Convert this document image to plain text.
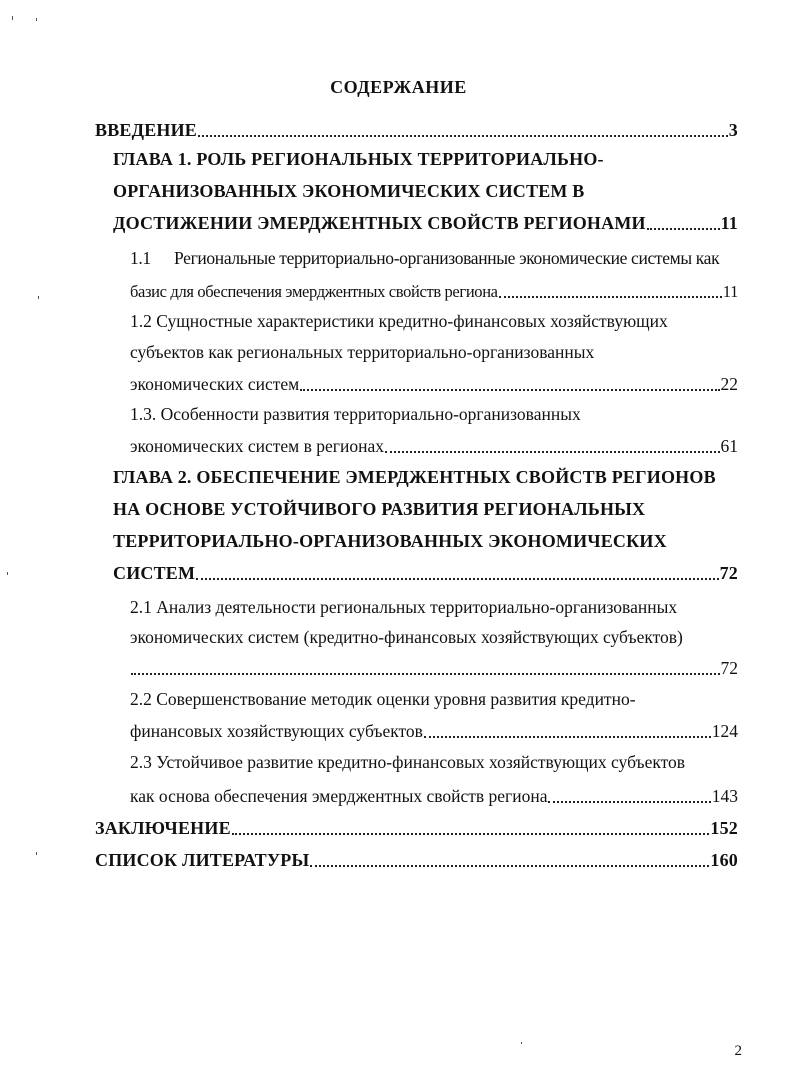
СОДЕРЖАНИЕ
ВВЕДЕНИЕ	3
ГЛАВА 1. РОЛЬ РЕГИОНАЛЬНЫХ ТЕРРИТОРИАЛЬНО-
ОРГАНИЗОВАННЫХ ЭКОНОМИЧЕСКИХ СИСТЕМ В
ДОСТИЖЕНИИ ЭМЕРДЖЕНТНЫХ СВОЙСТВ РЕГИОНАМИ	11
1.1 Региональные территориально-организованные экономические системы как
базис для обеспечения эмерджентных свойств региона	11
1.2 Сущностные характеристики кредитно-финансовых хозяйствующих
субъектов как региональных территориально-организованных
экономических систем	22
1.3. Особенности развития территориально-организованных
экономических систем в регионах	61
ГЛАВА 2. ОБЕСПЕЧЕНИЕ ЭМЕРДЖЕНТНЫХ СВОЙСТВ РЕГИОНОВ
НА ОСНОВЕ УСТОЙЧИВОГО РАЗВИТИЯ РЕГИОНАЛЬНЫХ
ТЕРРИТОРИАЛЬНО-ОРГАНИЗОВАННЫХ ЭКОНОМИЧЕСКИХ
СИСТЕМ	72
2.1 Анализ деятельности региональных территориально-организованных
экономических систем (кредитно-финансовых хозяйствующих субъектов)
72
2.2 Совершенствование методик оценки уровня развития кредитно-
финансовых хозяйствующих субъектов	124
2.3 Устойчивое развитие кредитно-финансовых хозяйствующих субъектов
как основа обеспечения эмерджентных свойств региона	143
ЗАКЛЮЧЕНИЕ	152
СПИСОК ЛИТЕРАТУРЫ	160
2
